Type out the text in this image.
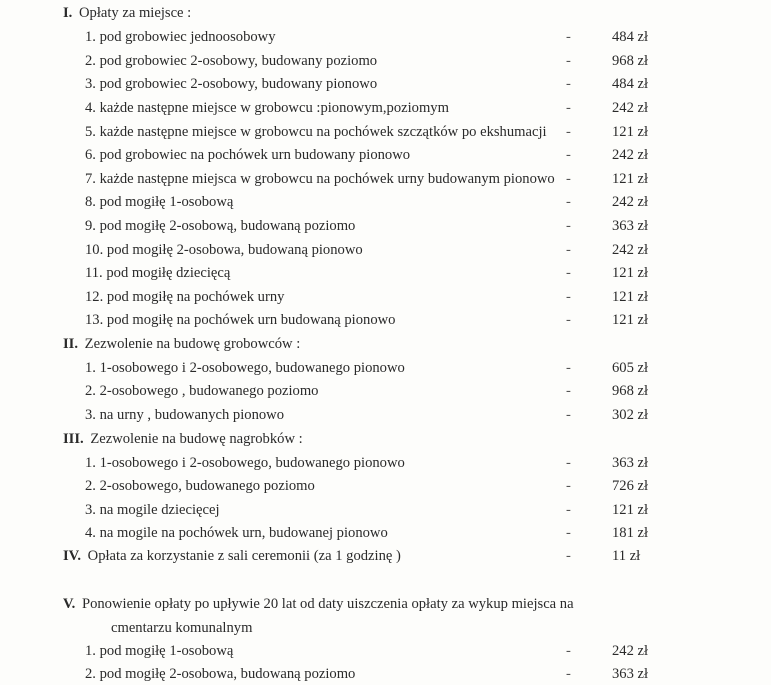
I. Opłaty za miejsce :
1. pod grobowiec jednoosobowy	-	484 zł
2. pod grobowiec 2-osobowy, budowany poziomo	-	968 zł
3. pod grobowiec 2-osobowy, budowany pionowo	-	484 zł
4. każde następne miejsce w grobowcu :pionowym,poziomym	-	242 zł
5. każde następne miejsce w grobowcu na pochówek szczątków po ekshumacji -	121 zł
6. pod grobowiec na pochówek urn budowany pionowo	-	242 zł
7. każde następne miejsca w grobowcu na pochówek urny budowanym pionowo -	121 zł
8. pod mogiłę 1-osobową	-	242 zł
9. pod mogiłę 2-osobową, budowaną poziomo	-	363 zł
10. pod mogiłę 2-osobowa, budowaną pionowo	-	242 zł
11. pod mogiłę dziecięcą	-	121 zł
12. pod mogiłę na pochówek urny	-	121 zł
13. pod mogiłę na pochówek urn budowaną pionowo	-	121 zł
II. Zezwolenie na budowę grobowców :
1. 1-osobowego i 2-osobowego, budowanego pionowo	-	605 zł
2. 2-osobowego , budowanego poziomo	-	968 zł
3. na urny , budowanych pionowo	-	302 zł
III. Zezwolenie na budowę nagrobków :
1. 1-osobowego i 2-osobowego, budowanego pionowo	-	363 zł
2. 2-osobowego, budowanego poziomo	-	726 zł
3. na mogile dziecięcej	-	121 zł
4. na mogile na pochówek urn, budowanej pionowo	-	181 zł
IV. Opłata za korzystanie z sali ceremonii (za 1 godzinę )	-	11 zł
V. Ponowienie opłaty po upływie 20 lat od daty uiszczenia opłaty za wykup miejsca na
cmentarzu komunalnym
1. pod mogiłę 1-osobową	-	242 zł
2. pod mogiłę 2-osobowa, budowaną poziomo	-	363 zł
